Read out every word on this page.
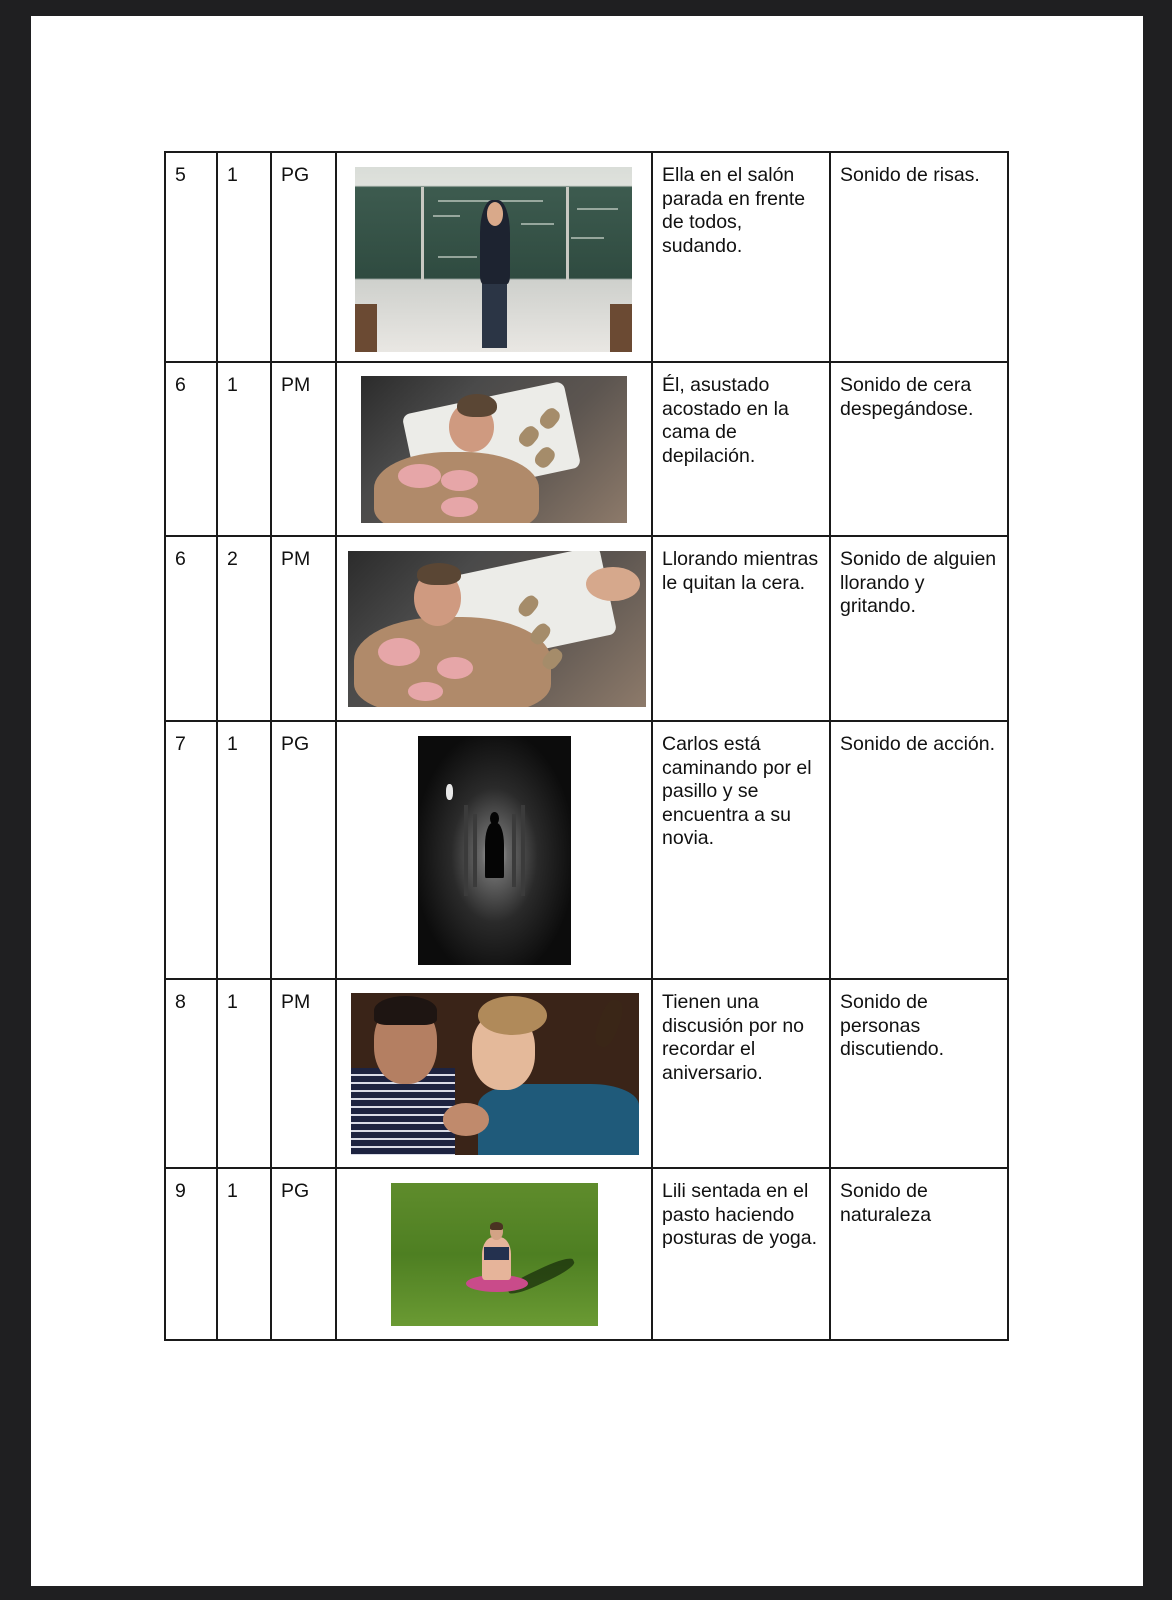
5	1	PG		Ella en el salón parada en frente de todos, sudando.	Sonido de risas.
6	1	PM		Él, asustado acostado en la cama de depilación.	Sonido de cera despegándose.
6	2	PM		Llorando mientras le quitan la cera.	Sonido de alguien llorando y gritando.
7	1	PG		Carlos está caminando por el pasillo y se encuentra a su novia.	Sonido de acción.
8	1	PM		Tienen una discusión por no recordar el aniversario.	Sonido de personas discutiendo.
9	1	PG		Lili sentada en el pasto haciendo posturas de yoga.	Sonido de naturaleza
